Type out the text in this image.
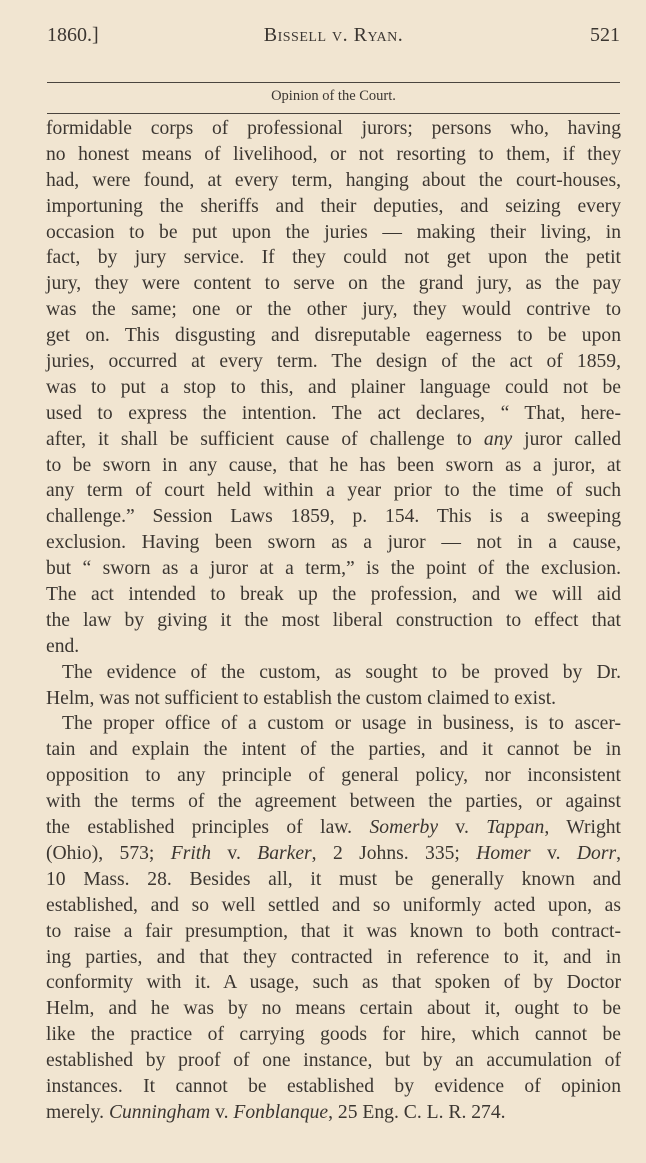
1860.]	Bissell v. Ryan.	521
Opinion of the Court.
formidable corps of professional jurors; persons who, having
no honest means of livelihood, or not resorting to them, if they
had, were found, at every term, hanging about the court-houses,
importuning the sheriffs and their deputies, and seizing every
occasion to be put upon the juries — making their living, in
fact, by jury service. If they could not get upon the petit
jury, they were content to serve on the grand jury, as the pay
was the same; one or the other jury, they would contrive to
get on. This disgusting and disreputable eagerness to be upon
juries, occurred at every term. The design of the act of 1859,
was to put a stop to this, and plainer language could not be
used to express the intention. The act declares, “ That, here-
after, it shall be sufficient cause of challenge to any juror called
to be sworn in any cause, that he has been sworn as a juror, at
any term of court held within a year prior to the time of such
challenge.” Session Laws 1859, p. 154. This is a sweeping
exclusion. Having been sworn as a juror — not in a cause,
but “ sworn as a juror at a term,” is the point of the exclusion.
The act intended to break up the profession, and we will aid
the law by giving it the most liberal construction to effect that
end.
The evidence of the custom, as sought to be proved by Dr.
Helm, was not sufficient to establish the custom claimed to exist.
The proper office of a custom or usage in business, is to ascer-
tain and explain the intent of the parties, and it cannot be in
opposition to any principle of general policy, nor inconsistent
with the terms of the agreement between the parties, or against
the established principles of law. Somerby v. Tappan, Wright
(Ohio), 573; Frith v. Barker, 2 Johns. 335; Homer v. Dorr,
10 Mass. 28. Besides all, it must be generally known and
established, and so well settled and so uniformly acted upon, as
to raise a fair presumption, that it was known to both contract-
ing parties, and that they contracted in reference to it, and in
conformity with it. A usage, such as that spoken of by Doctor
Helm, and he was by no means certain about it, ought to be
like the practice of carrying goods for hire, which cannot be
established by proof of one instance, but by an accumulation of
instances. It cannot be established by evidence of opinion
merely. Cunningham v. Fonblanque, 25 Eng. C. L. R. 274.
